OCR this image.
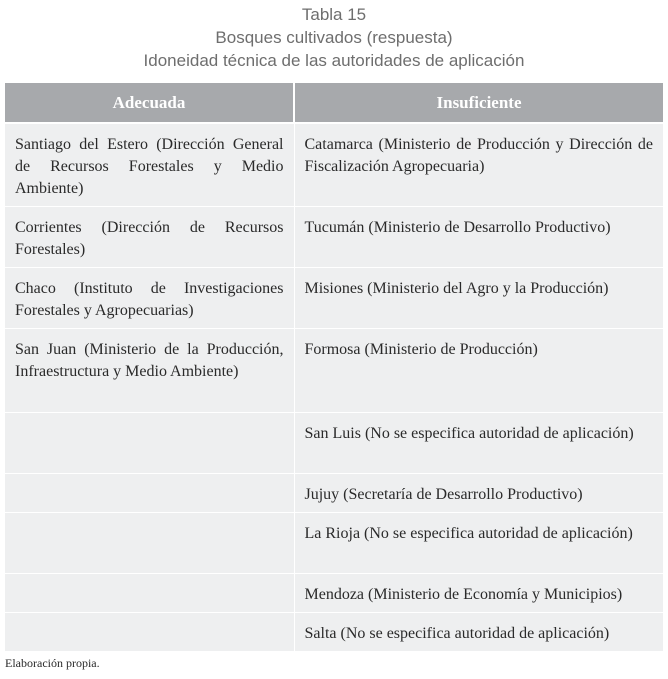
Tabla 15
Bosques cultivados (respuesta)
Idoneidad técnica de las autoridades de aplicación
Adecuada	Insuficiente
Santiago del Estero (Dirección General de Recursos Forestales y Medio Ambiente)	Catamarca (Ministerio de Producción y Dirección de Fiscalización Agropecuaria)
Corrientes (Dirección de Recursos Forestales)	Tucumán (Ministerio de Desarrollo Productivo)
Chaco (Instituto de Investigaciones Forestales y Agropecuarias)	Misiones (Ministerio del Agro y la Producción)
San Juan (Ministerio de la Producción, Infraestructura y Medio Ambiente)	Formosa (Ministerio de Producción)
	San Luis (No se especifica autoridad de aplicación)
	Jujuy (Secretaría de Desarrollo Productivo)
	La Rioja (No se especifica autoridad de aplicación)
	Mendoza (Ministerio de Economía y Municipios)
	Salta (No se especifica autoridad de aplicación)
Elaboración propia.
